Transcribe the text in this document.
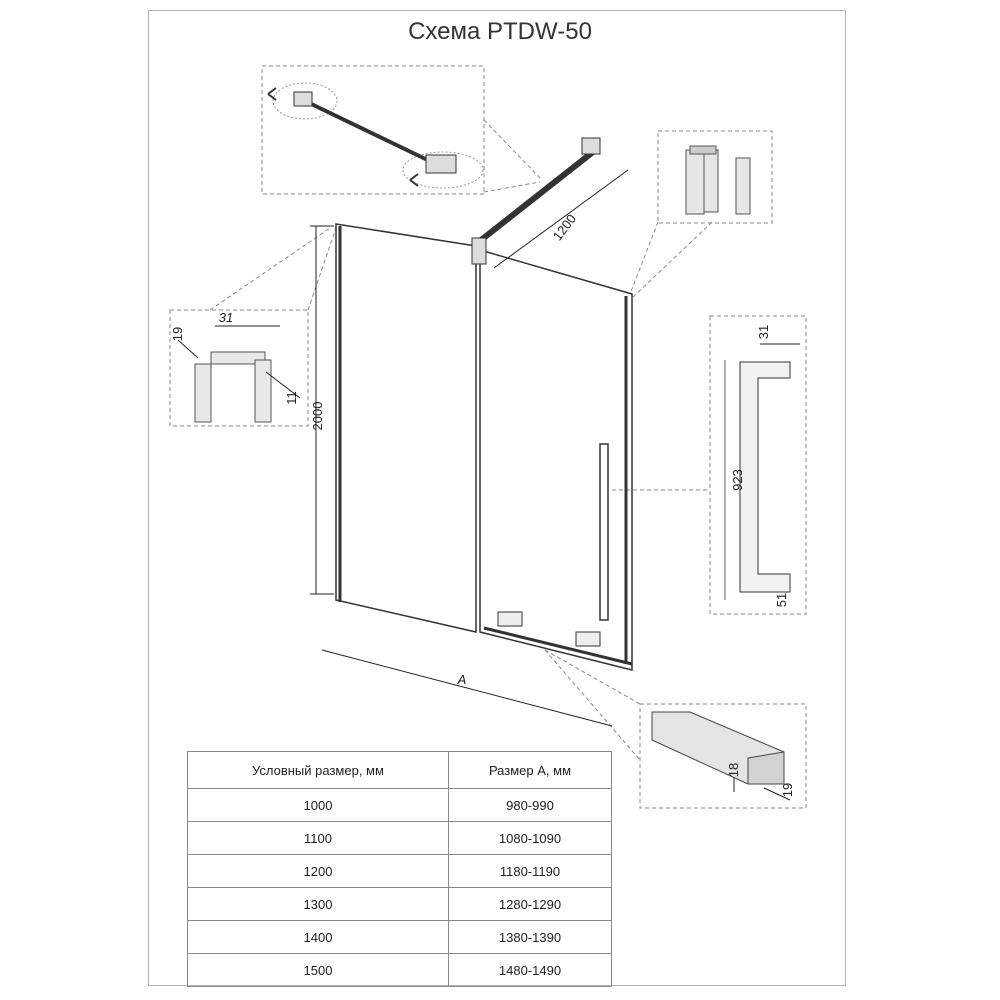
Схема PTDW-50
2000
A
1200
31
19
11
31
923
51
18
19
Условный размер, мм	Размер А, мм
1000	980-990
1100	1080-1090
1200	1180-1190
1300	1280-1290
1400	1380-1390
1500	1480-1490
